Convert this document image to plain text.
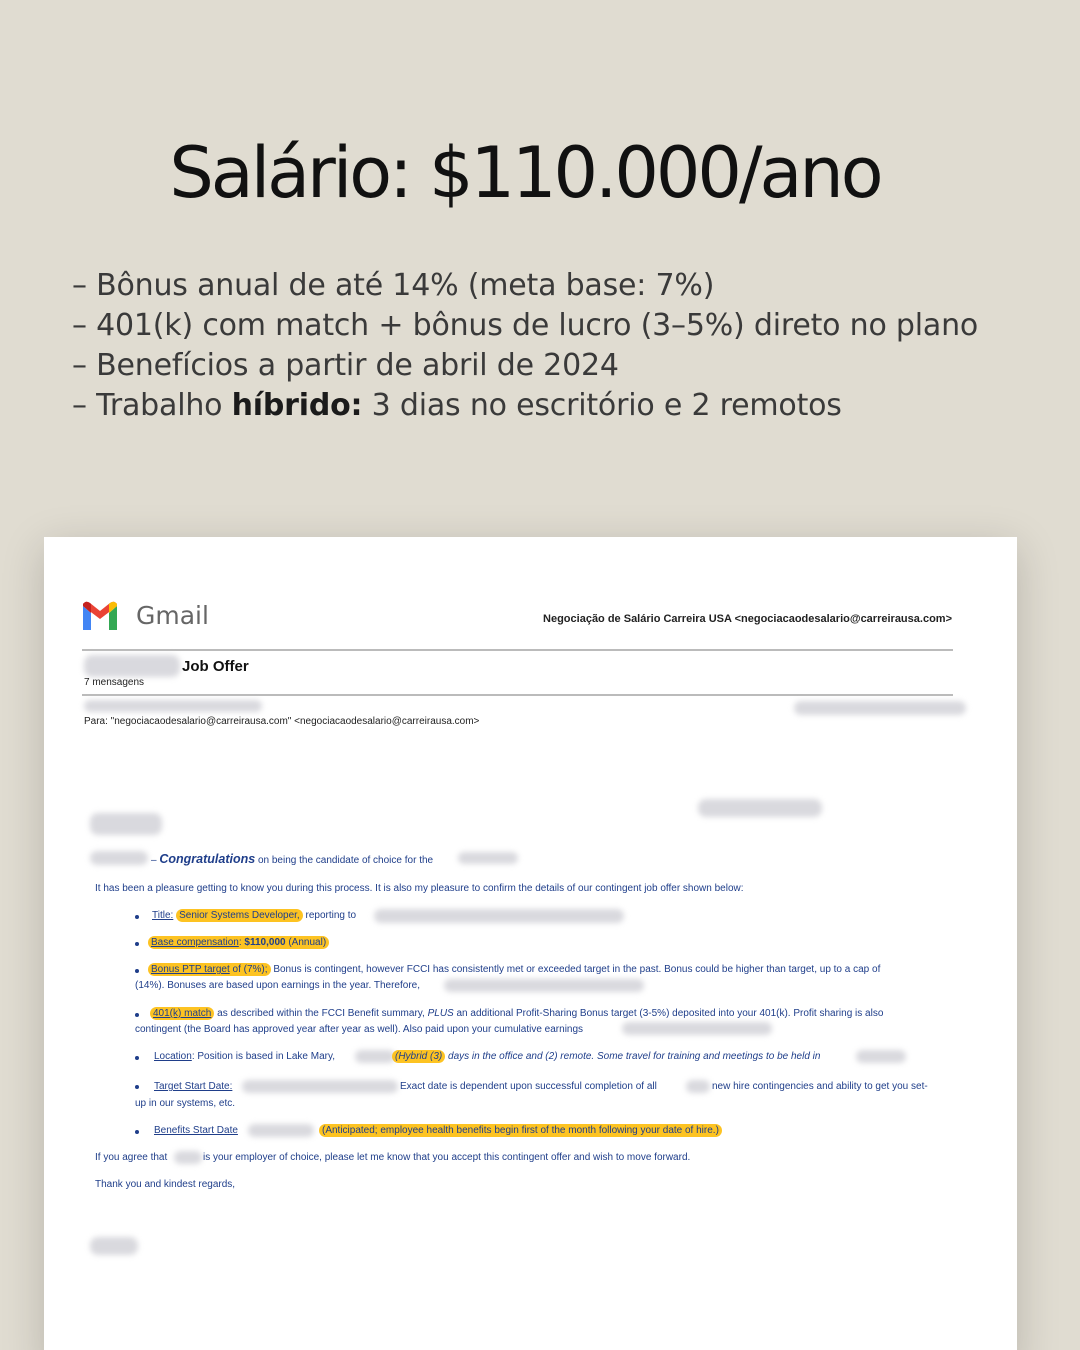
Salário: $110.000/ano
– Bônus anual de até 14% (meta base: 7%)
– 401(k) com match + bônus de lucro (3–5%) direto no plano
– Benefícios a partir de abril de 2024
– Trabalho híbrido: 3 dias no escritório e 2 remotos
Gmail	Negociação de Salário Carreira USA <negociacaodesalario@carreirausa.com>
Job Offer
7 mensagens
Para: "negociacaodesalario@carreirausa.com" <negociacaodesalario@carreirausa.com>
– Congratulations on being the candidate of choice for the
It has been a pleasure getting to know you during this process. It is also my pleasure to confirm the details of our contingent job offer shown below:
Title: Senior Systems Developer, reporting to
Base compensation: $110,000 (Annual)
Bonus PTP target of (7%); Bonus is contingent, however FCCI has consistently met or exceeded target in the past. Bonus could be higher than target, up to a cap of
(14%). Bonuses are based upon earnings in the year. Therefore,
401(k) match as described within the FCCI Benefit summary, PLUS an additional Profit-Sharing Bonus target (3-5%) deposited into your 401(k). Profit sharing is also
contingent (the Board has approved year after year as well). Also paid upon your cumulative earnings
Location: Position is based in Lake Mary,	(Hybrid (3) days in the office and (2) remote. Some travel for training and meetings to be held in
Target Start Date:	Exact date is dependent upon successful completion of all	new hire contingencies and ability to get you set-
up in our systems, etc.
Benefits Start Date	(Anticipated; employee health benefits begin first of the month following your date of hire.)
If you agree that	is your employer of choice, please let me know that you accept this contingent offer and wish to move forward.
Thank you and kindest regards,
